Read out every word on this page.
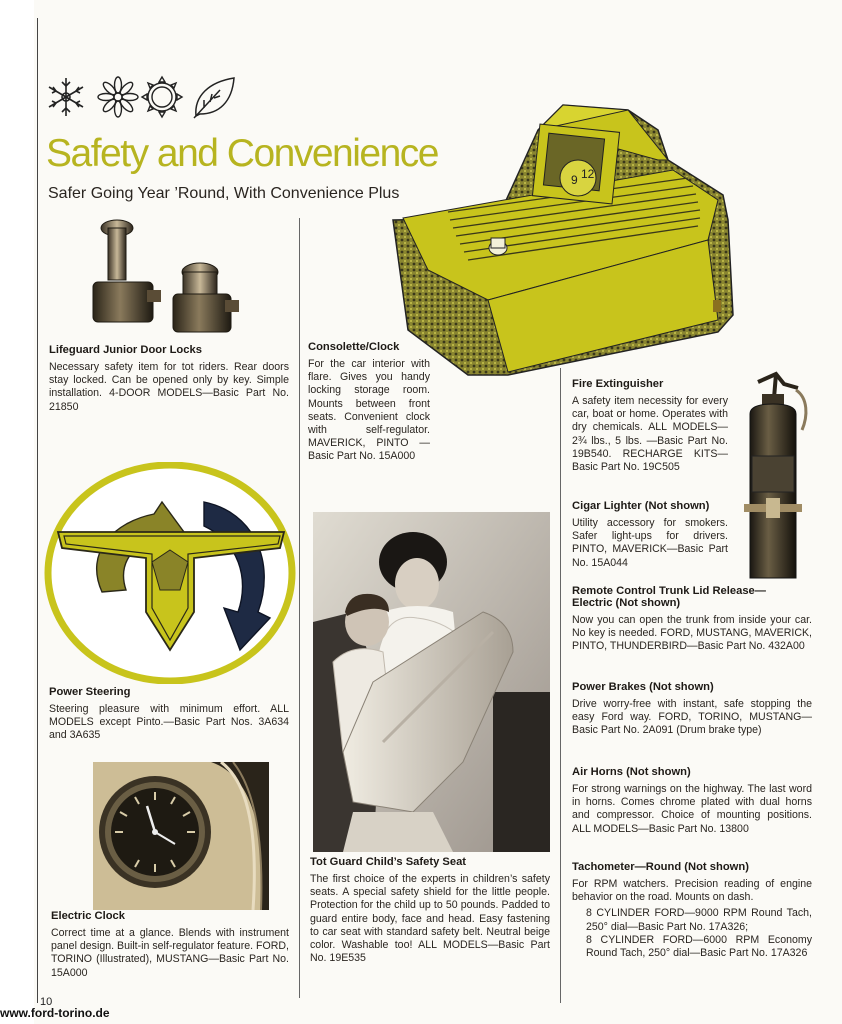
Safety and Convenience
Safer Going Year ’Round, With Convenience Plus
9 12
Lifeguard Junior Door Locks

Necessary safety item for tot riders. Rear doors stay locked. Can be opened only by key. Simple installation. 4-DOOR MODELS—Basic Part No. 21850

Consolette/Clock

For the car interior with flare. Gives you handy locking storage room. Mounts between front seats. Convenient clock with self-regulator. MAVERICK, PINTO —Basic Part No. 15A000

Fire Extinguisher

A safety item necessity for every car, boat or home. Operates with dry chemicals. ALL MODELS—2¾ lbs., 5 lbs. —Basic Part No. 19B540. RECHARGE KITS—Basic Part No. 19C505

Cigar Lighter (Not shown)

Utility accessory for smokers. Safer light-ups for drivers. PINTO, MAVERICK—Basic Part No. 15A044

Remote Control Trunk Lid Release—Electric (Not shown)

Now you can open the trunk from inside your car. No key is needed. FORD, MUSTANG, MAVERICK, PINTO, THUNDERBIRD—Basic Part No. 432A00

Power Brakes (Not shown)

Drive worry-free with instant, safe stopping the easy Ford way. FORD, TORINO, MUSTANG—Basic Part No. 2A091 (Drum brake type)

Air Horns (Not shown)

For strong warnings on the highway. The last word in horns. Comes chrome plated with dual horns and compressor. Choice of mounting positions. ALL MODELS—Basic Part No. 13800

Tachometer—Round (Not shown)

For RPM watchers. Precision reading of engine behavior on the road. Mounts on dash.

8 CYLINDER FORD—9000 RPM Round Tach, 250° dial—Basic Part No. 17A326;

8 CYLINDER FORD—6000 RPM Economy Round Tach, 250° dial—Basic Part No. 17A326

Power Steering

Steering pleasure with minimum effort. ALL MODELS except Pinto.—Basic Part Nos. 3A634 and 3A635

Electric Clock

Correct time at a glance. Blends with instrument panel design. Built-in self-regulator feature. FORD, TORINO (Illustrated), MUSTANG—Basic Part No. 15A000

Tot Guard Child’s Safety Seat

The first choice of the experts in children’s safety seats. A special safety shield for the little people. Protection for the child up to 50 pounds. Padded to guard entire body, face and head. Easy fastening to car seat with standard safety belt. Neutral beige color. Washable too! ALL MODELS—Basic Part No. 19E535

10
www.ford-torino.de
